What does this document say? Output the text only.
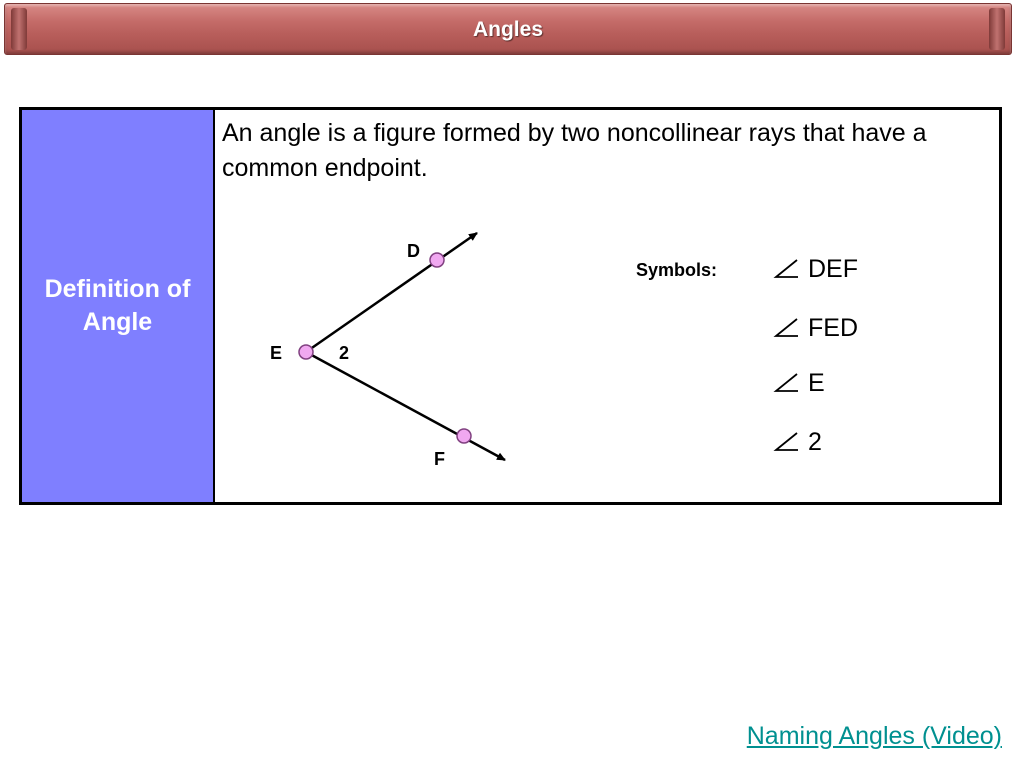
Angles
Definition of Angle
An angle is a figure formed by two noncollinear rays that have a common endpoint.
D
E
F
2
Symbols:	DEF
FED
E
2
Naming Angles (Video)
